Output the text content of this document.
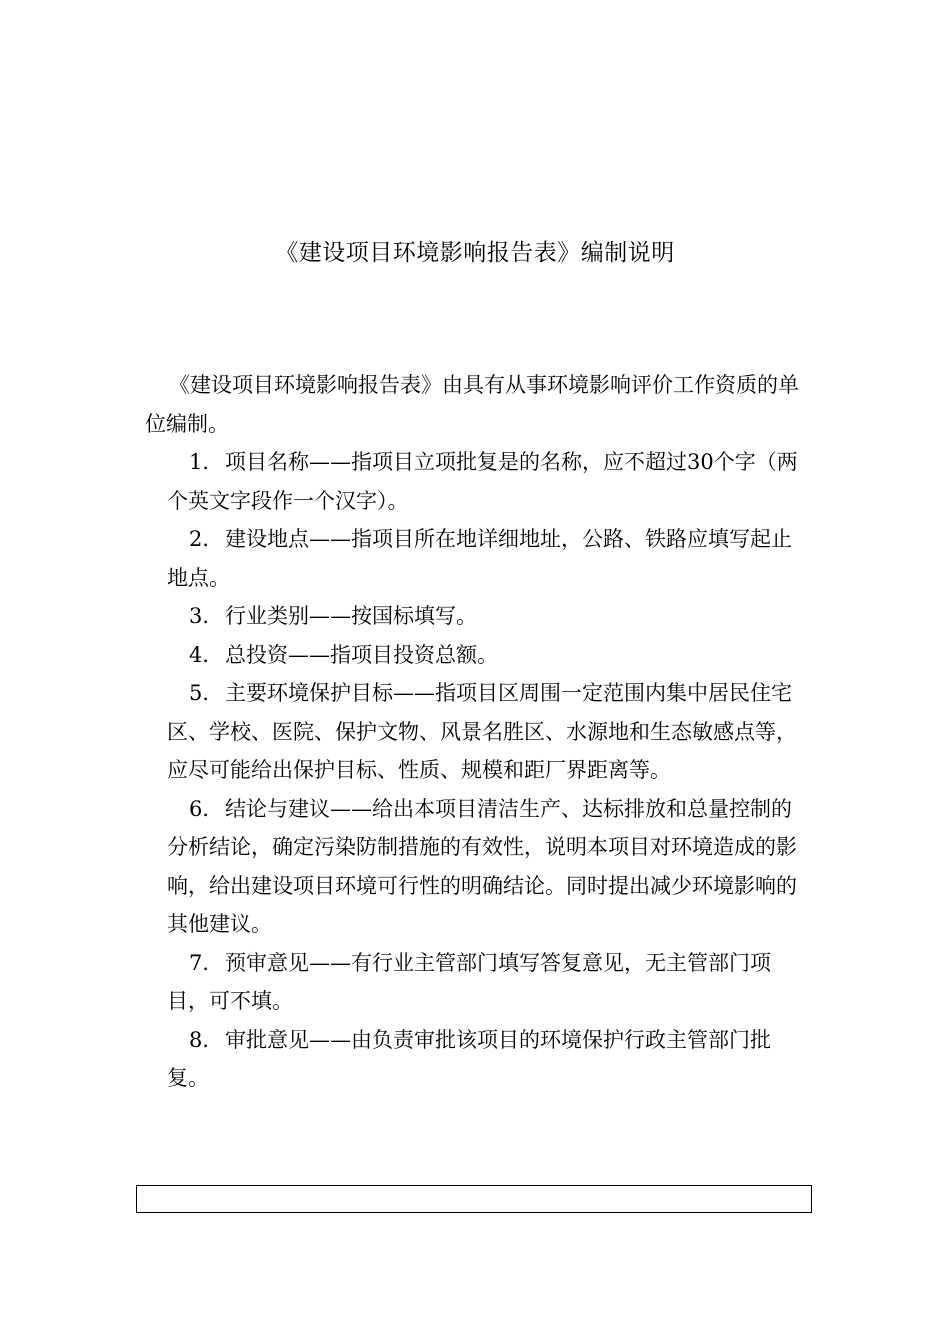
《建设项目环境影响报告表》编制说明

《建设项目环境影响报告表》由具有从事环境影响评价工作资质的单位编制。

1．项目名称——指项目立项批复是的名称，应不超过30个字（两个英文字段作一个汉字）。

2．建设地点——指项目所在地详细地址，公路、铁路应填写起止地点。

3．行业类别——按国标填写。

4．总投资——指项目投资总额。

5．主要环境保护目标——指项目区周围一定范围内集中居民住宅区、学校、医院、保护文物、风景名胜区、水源地和生态敏感点等，应尽可能给出保护目标、性质、规模和距厂界距离等。

6．结论与建议——给出本项目清洁生产、达标排放和总量控制的分析结论，确定污染防制措施的有效性，说明本项目对环境造成的影响，给出建设项目环境可行性的明确结论。同时提出减少环境影响的其他建议。

7．预审意见——有行业主管部门填写答复意见，无主管部门项目，可不填。

8．审批意见——由负责审批该项目的环境保护行政主管部门批复。
